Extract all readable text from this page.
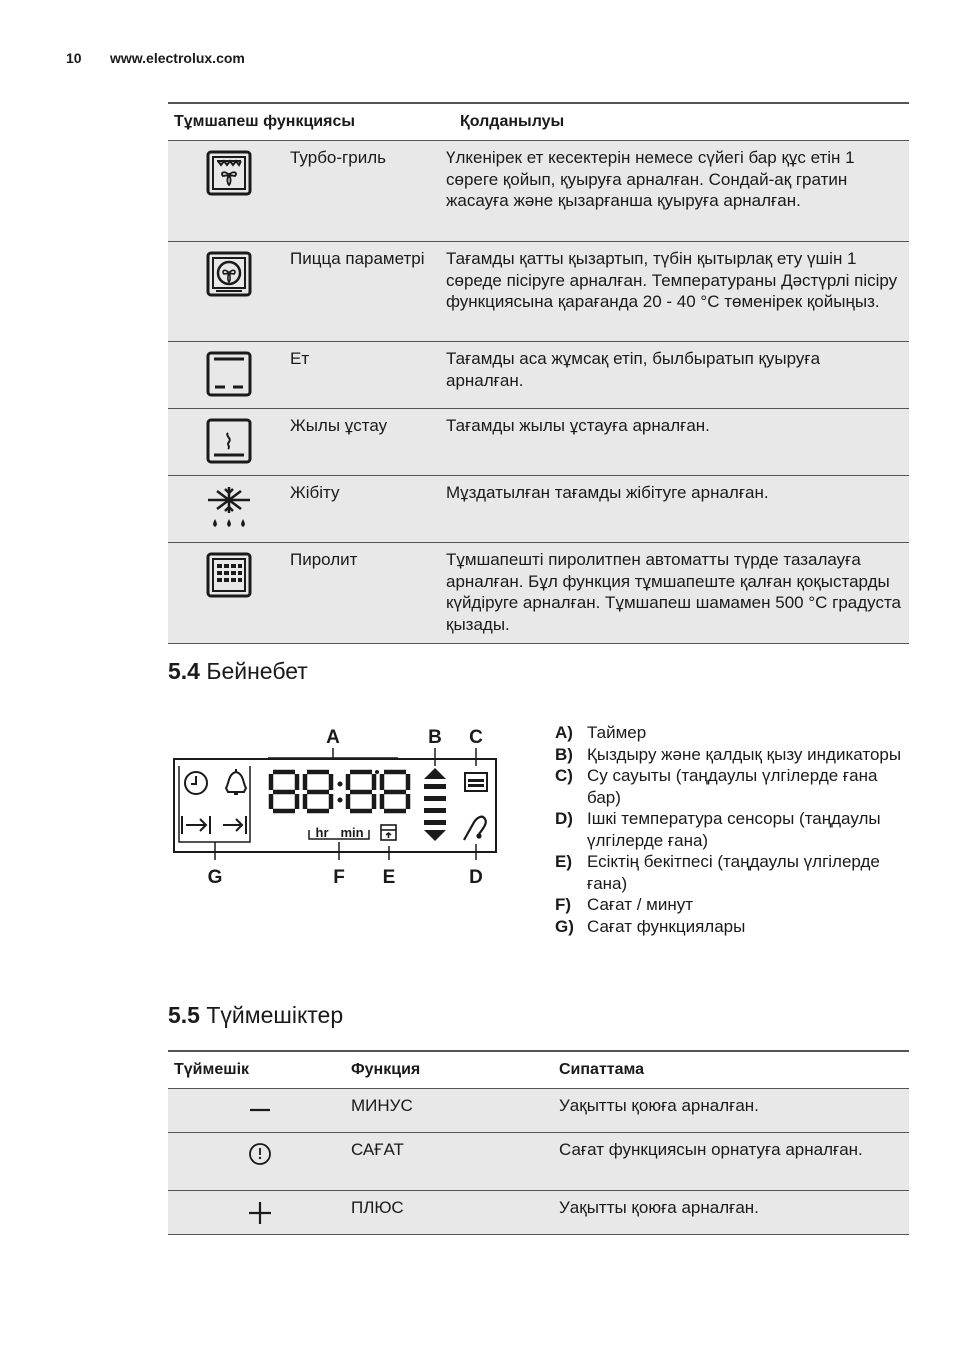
10 www.electrolux.com
Тұмшапеш функциясы	Қолданылуы
Турбо-гриль	Үлкенірек ет кесектерін немесе сүйегі бар құс етін 1 сөреге қойып, қуыруға арналған. Сондай-ақ гратин жасауға және қызарғанша қуыруға арналған.
Пицца параметрі	Тағамды қатты қызартып, түбін қытырлақ ету үшін 1 сөреде пісіруге арналған. Температураны Дәстүрлі пісіру функциясына қарағанда 20 - 40 °C төменірек қойыңыз.
Ет	Тағамды аса жұмсақ етіп, былбыратып қуыруға арналған.
Жылы ұстау	Тағамды жылы ұстауға арналған.
Жібіту	Мұздатылған тағамды жібітуге арналған.
Пиролит	Тұмшапешті пиролитпен автоматты түрде тазалауға арналған. Бұл функция тұмшапеште қалған қоқыстарды күйдіруге арналған. Тұмшапеш шамамен 500 °C градуста қызады.
5.4 Бейнебет
A	B C
G	F E	D
hr min
A) Таймер
B) Қыздыру және қалдық қызу индикаторы
C) Су сауыты (таңдаулы үлгілерде ғана бар)
D) Ішкі температура сенсоры (таңдаулы үлгілерде ғана)
E) Есіктің бекітпесі (таңдаулы үлгілерде ғана)
F) Сағат / минут
G) Сағат функциялары
5.5 Түймешіктер
Түймешік	Функция	Сипаттама
МИНУС	Уақытты қоюға арналған.
САҒАТ	Сағат функциясын орнатуға арналған.
ПЛЮС	Уақытты қоюға арналған.
